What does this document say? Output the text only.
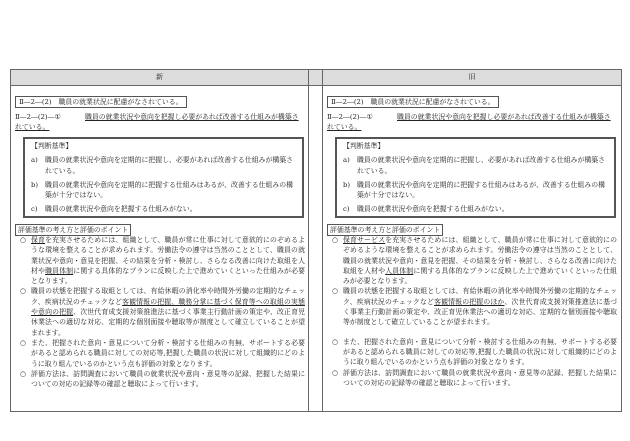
新	旧
Ⅱ―2―(2)　職員の就業状況に配慮がなされている。
Ⅱ―2―(2)―①	職員の就業状況や意向を把握し必要があれば改善する仕組みが構築されている。
【判断基準】
a)	職員の就業状況や意向を定期的に把握し、必要があれば改善する仕組みが構築されている。
b) 職員の就業状況や意向を定期的に把握する仕組みはあるが、改善する仕組みの構築が十分ではない。
c)	職員の就業状況や意向を把握する仕組みがない。
評価基準の考え方と評価のポイント
○ 保育を充実させるためには、組織として、職員が常に仕事に対して意欲的にのぞめるような環境を整えることが求められます。労働法令の遵守は当然のこととして、職員の就業状況や意向・意見を把握、その結果を分析・検討し、さらなる改善に向けた取組を人材や職員体制に関する具体的なプランに反映した上で進めていくといった仕組みが必要となります。
○ 職員の状態を把握する取組としては、有給休暇の消化率や時間外労働の定期的なチェック、疾病状況のチェックなど客観情報の把握、職務分掌に基づく保育等への取組の実態や意向の把握、次世代育成支援対策推進法に基づく事業主行動計画の策定や、改正育児休業法への適切な対応、定期的な個別面接や聴取等が制度として確立していることが望まれます。
○ また、把握された意向・意見について分析・検討する仕組みの有無、サポートする必要があると認められる職員に対しての対応等,把握した職員の状況に対して組織的にどのように取り組んでいるのかという点も評価の対象となります。
○ 評価方法は、訪問調査において職員の就業状況や意向・意見等の記録、把握した結果についての対応の記録等の確認と聴取によって行います。
Ⅱ―2―(2)　職員の就業状況に配慮がなされている。
Ⅱ―2―(2)―①	職員の就業状況や意向を把握し必要があれば改善する仕組みが構築されている。
【判断基準】
a)	職員の就業状況や意向を定期的に把握し、必要があれば改善する仕組みが構築されている。
b) 職員の就業状況や意向を定期的に把握する仕組みはあるが、改善する仕組みの構築が十分ではない。
c)	職員の就業状況や意向を把握する仕組みがない。
評価基準の考え方と評価のポイント
○ 保育サービスを充実させるためには、組織として、職員が常に仕事に対して意欲的にのぞめるような環境を整えることが求められます。労働法令の遵守は当然のこととして、職員の就業状況や意向・意見を把握、その結果を分析・検討し、さらなる改善に向けた取組を人材や人員体制に関する具体的なプランに反映した上で進めていくといった仕組みが必要となります。
○ 職員の状態を把握する取組としては、有給休暇の消化率や時間外労働の定期的なチェック、疾病状況のチェックなど客観情報の把握のほか、次世代育成支援対策推進法に基づく事業主行動計画の策定や、改正育児休業法への適切な対応、定期的な個別面接や聴取等が制度として確立していることが望まれます。
○ また、把握された意向・意見について分析・検討する仕組みの有無、サポートする必要があると認められる職員に対しての対応等,把握した職員の状況に対して組織的にどのように取り組んでいるのかという点も評価の対象となります。
○ 評価方法は、訪問調査において職員の就業状況や意向・意見等の記録、把握した結果についての対応の記録等の確認と聴取によって行います。
